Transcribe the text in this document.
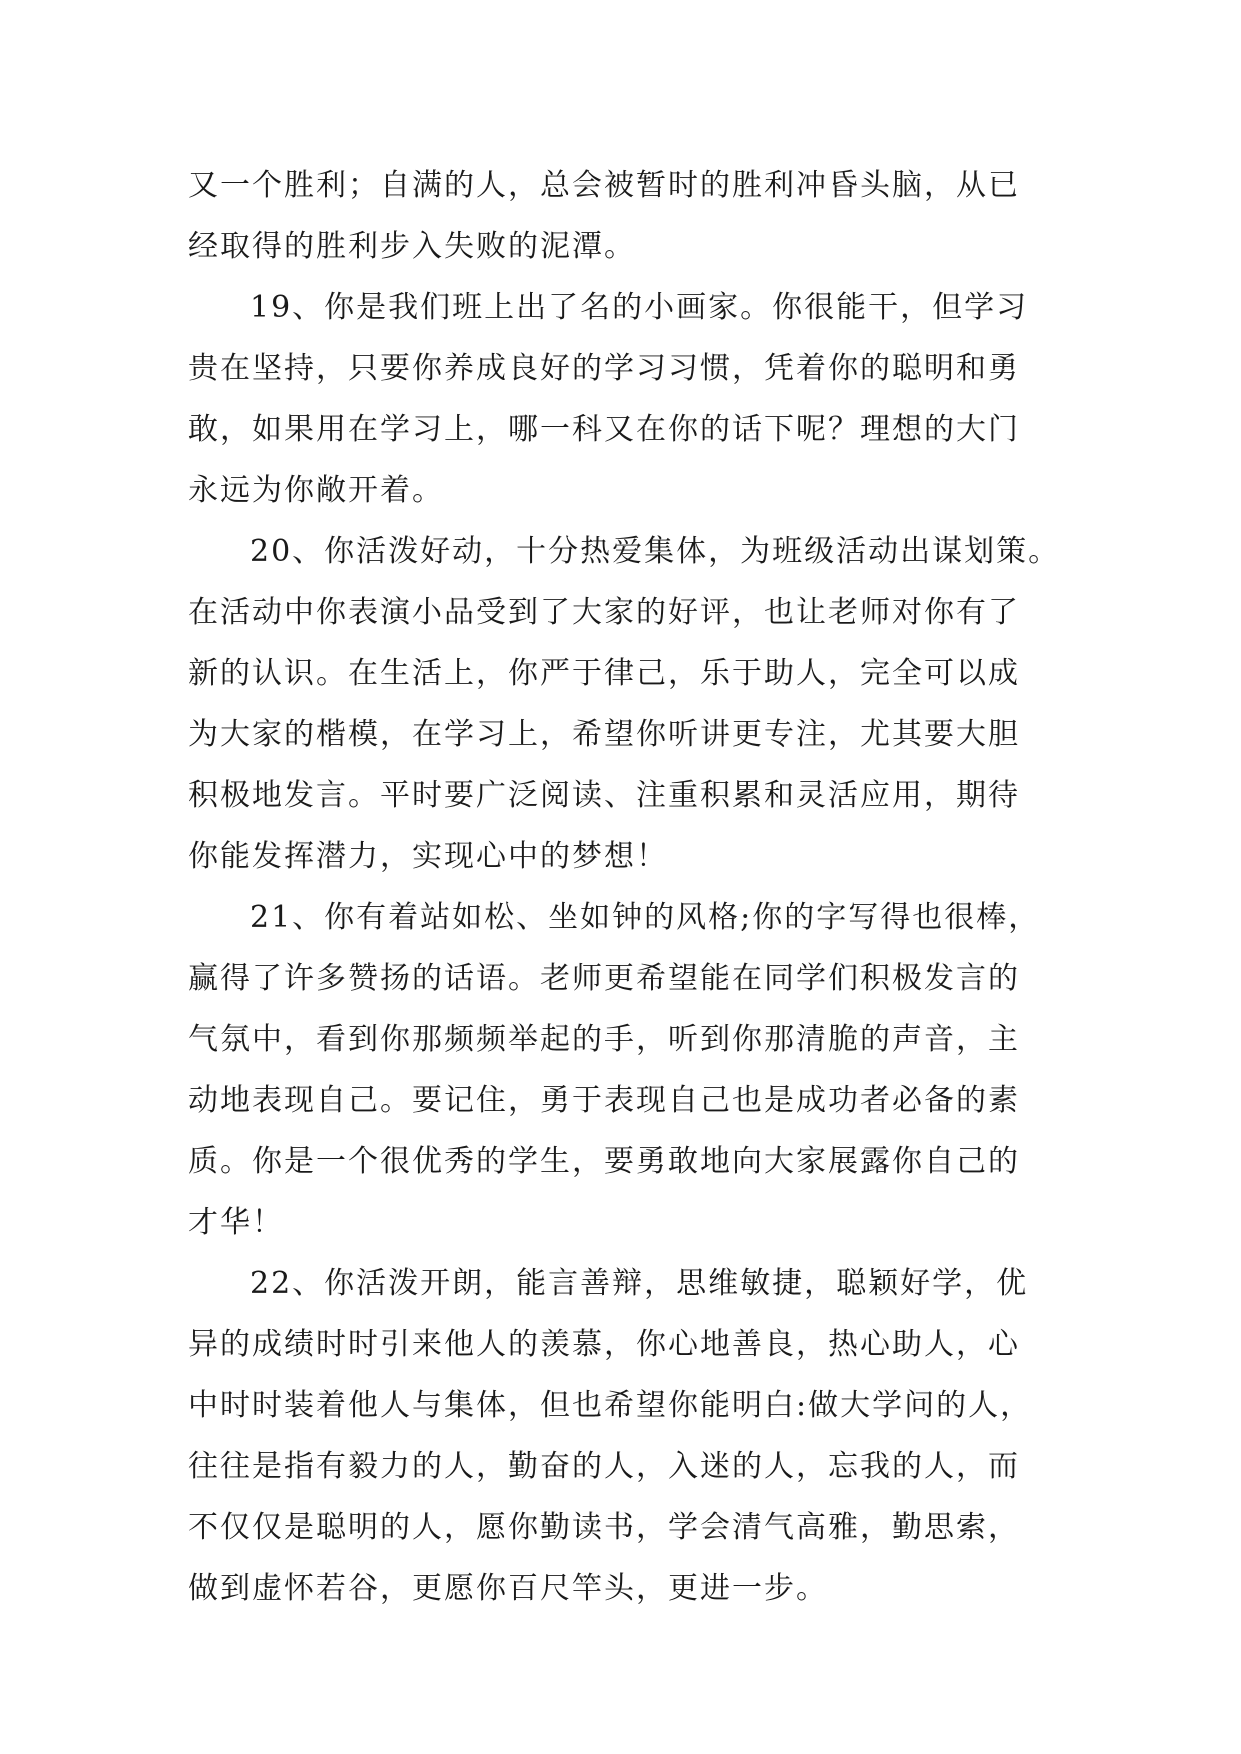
又一个胜利；自满的人，总会被暂时的胜利冲昏头脑，从已
经取得的胜利步入失败的泥潭。
19、你是我们班上出了名的小画家。你很能干，但学习
贵在坚持，只要你养成良好的学习习惯，凭着你的聪明和勇
敢，如果用在学习上，哪一科又在你的话下呢？理想的大门
永远为你敞开着。
20、你活泼好动，十分热爱集体，为班级活动出谋划策。
在活动中你表演小品受到了大家的好评，也让老师对你有了
新的认识。在生活上，你严于律己，乐于助人，完全可以成
为大家的楷模，在学习上，希望你听讲更专注，尤其要大胆
积极地发言。平时要广泛阅读、注重积累和灵活应用，期待
你能发挥潜力，实现心中的梦想！
21、你有着站如松、坐如钟的风格;你的字写得也很棒，
赢得了许多赞扬的话语。老师更希望能在同学们积极发言的
气氛中，看到你那频频举起的手，听到你那清脆的声音，主
动地表现自己。要记住，勇于表现自己也是成功者必备的素
质。你是一个很优秀的学生，要勇敢地向大家展露你自己的
才华！
22、你活泼开朗，能言善辩，思维敏捷，聪颖好学，优
异的成绩时时引来他人的羡慕，你心地善良，热心助人，心
中时时装着他人与集体，但也希望你能明白:做大学问的人，
往往是指有毅力的人，勤奋的人，入迷的人，忘我的人，而
不仅仅是聪明的人，愿你勤读书，学会清气高雅，勤思索，
做到虚怀若谷，更愿你百尺竿头，更进一步。
